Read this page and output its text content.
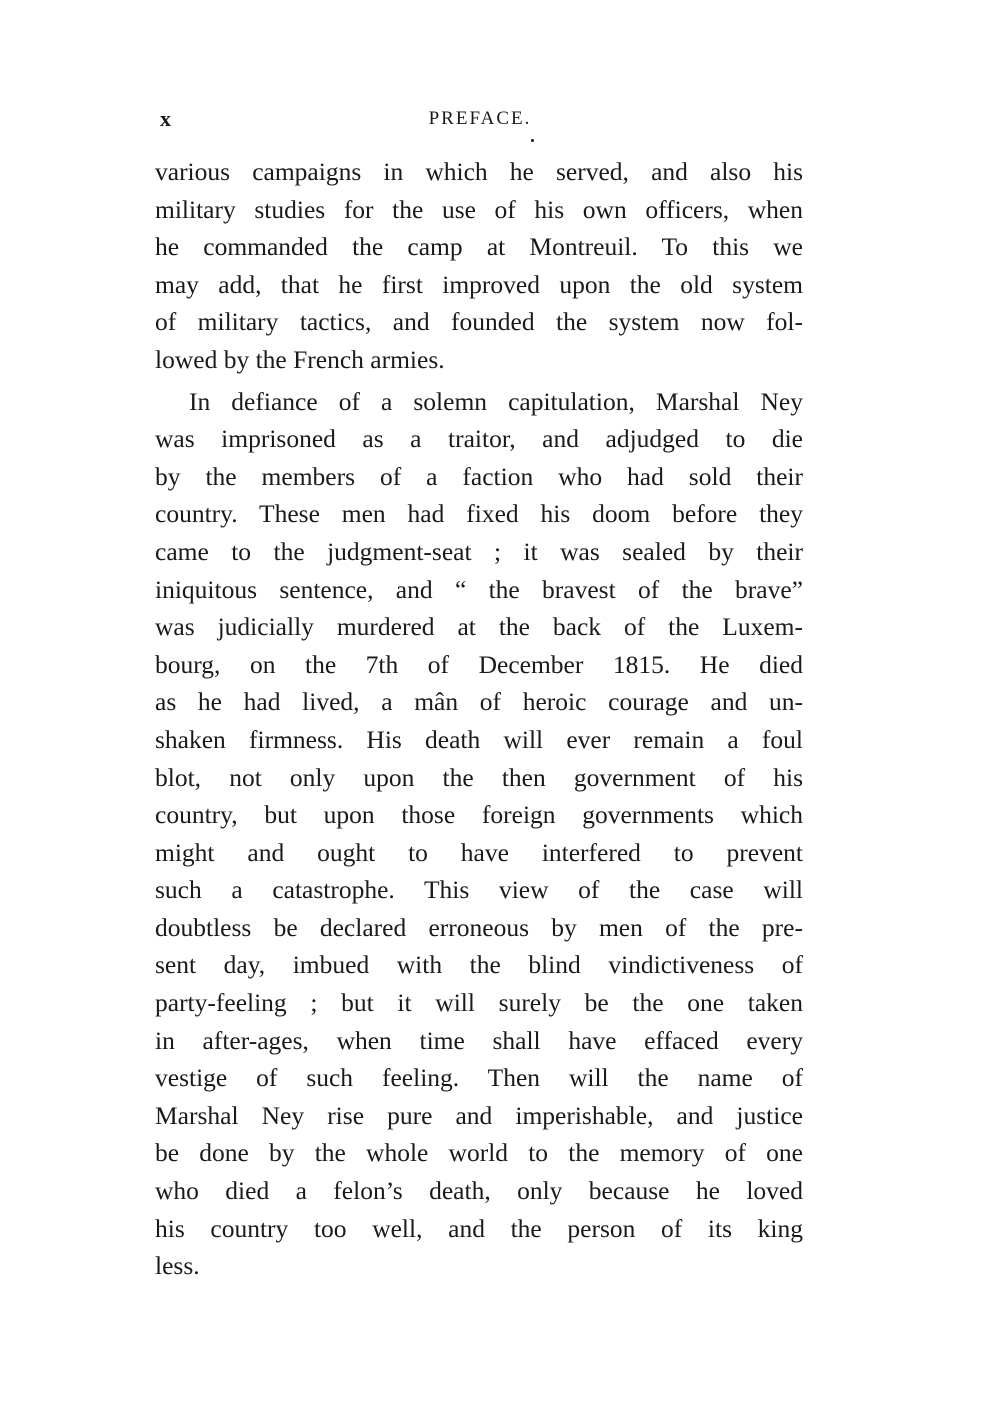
x	PREFACE.
various campaigns in which he served, and also his
military studies for the use of his own officers, when
he commanded the camp at Montreuil. To this we
may add, that he first improved upon the old system
of military tactics, and founded the system now fol-
lowed by the French armies.
In defiance of a solemn capitulation, Marshal Ney
was imprisoned as a traitor, and adjudged to die
by the members of a faction who had sold their
country. These men had fixed his doom before they
came to the judgment-seat ; it was sealed by their
iniquitous sentence, and “ the bravest of the brave”
was judicially murdered at the back of the Luxem-
bourg, on the 7th of December 1815. He died
as he had lived, a mân of heroic courage and un-
shaken firmness. His death will ever remain a foul
blot, not only upon the then government of his
country, but upon those foreign governments which
might and ought to have interfered to prevent
such a catastrophe. This view of the case will
doubtless be declared erroneous by men of the pre-
sent day, imbued with the blind vindictiveness of
party-feeling ; but it will surely be the one taken
in after-ages, when time shall have effaced every
vestige of such feeling. Then will the name of
Marshal Ney rise pure and imperishable, and justice
be done by the whole world to the memory of one
who died a felon’s death, only because he loved
his country too well, and the person of its king
less.
